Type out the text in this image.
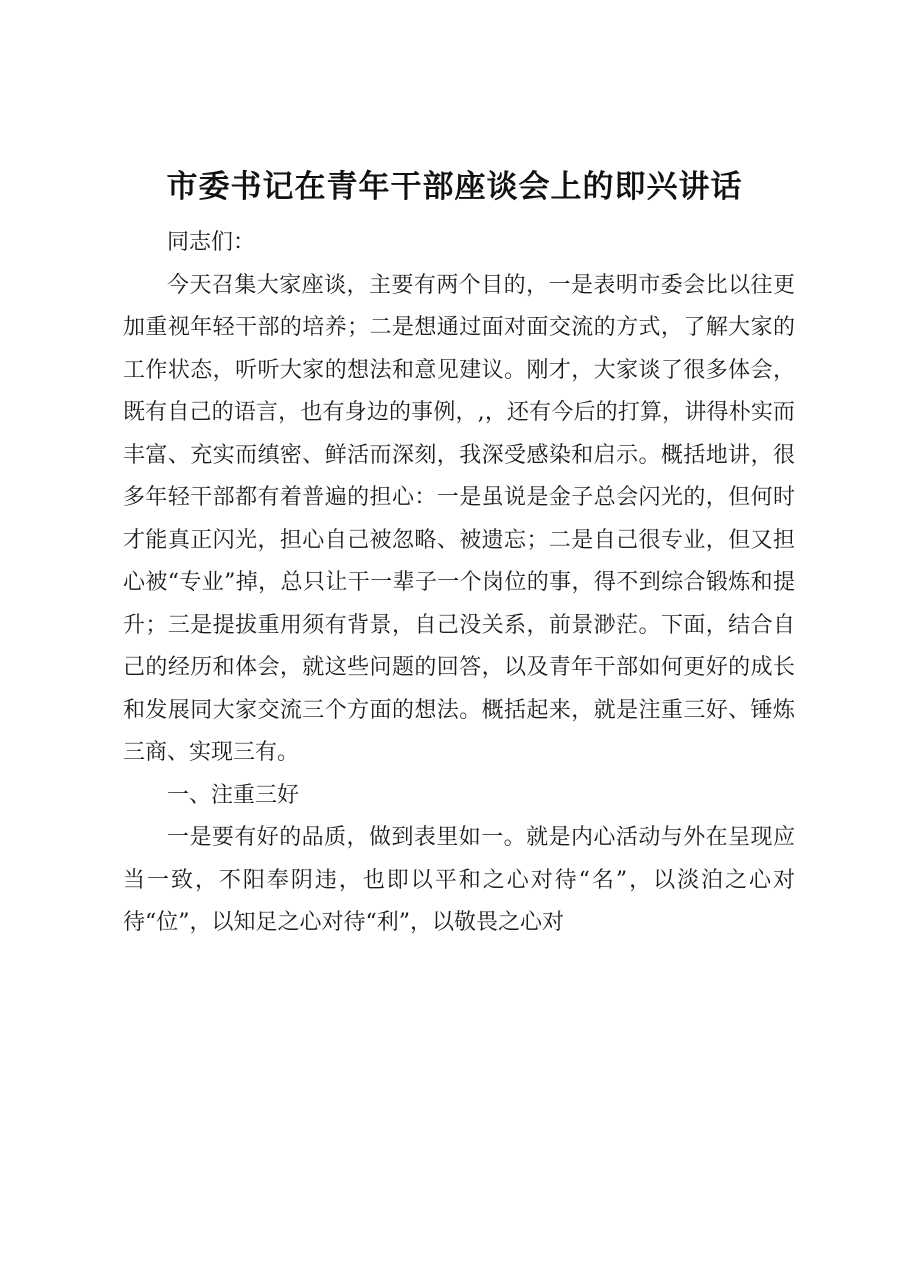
市委书记在青年干部座谈会上的即兴讲话

同志们：

今天召集大家座谈，主要有两个目的，一是表明市委会比以往更加重视年轻干部的培养；二是想通过面对面交流的方式，了解大家的工作状态，听听大家的想法和意见建议。刚才，大家谈了很多体会，既有自己的语言，也有身边的事例，,，还有今后的打算，讲得朴实而丰富、充实而缜密、鲜活而深刻，我深受感染和启示。概括地讲，很多年轻干部都有着普遍的担心：一是虽说是金子总会闪光的，但何时才能真正闪光，担心自己被忽略、被遗忘；二是自己很专业，但又担心被“专业”掉，总只让干一辈子一个岗位的事，得不到综合锻炼和提升；三是提拔重用须有背景，自己没关系，前景渺茫。下面，结合自己的经历和体会，就这些问题的回答，以及青年干部如何更好的成长和发展同大家交流三个方面的想法。概括起来，就是注重三好、锤炼三商、实现三有。

一、注重三好

一是要有好的品质，做到表里如一。就是内心活动与外在呈现应当一致，不阳奉阴违，也即以平和之心对待“名”，以淡泊之心对待“位”，以知足之心对待“利”，以敬畏之心对
